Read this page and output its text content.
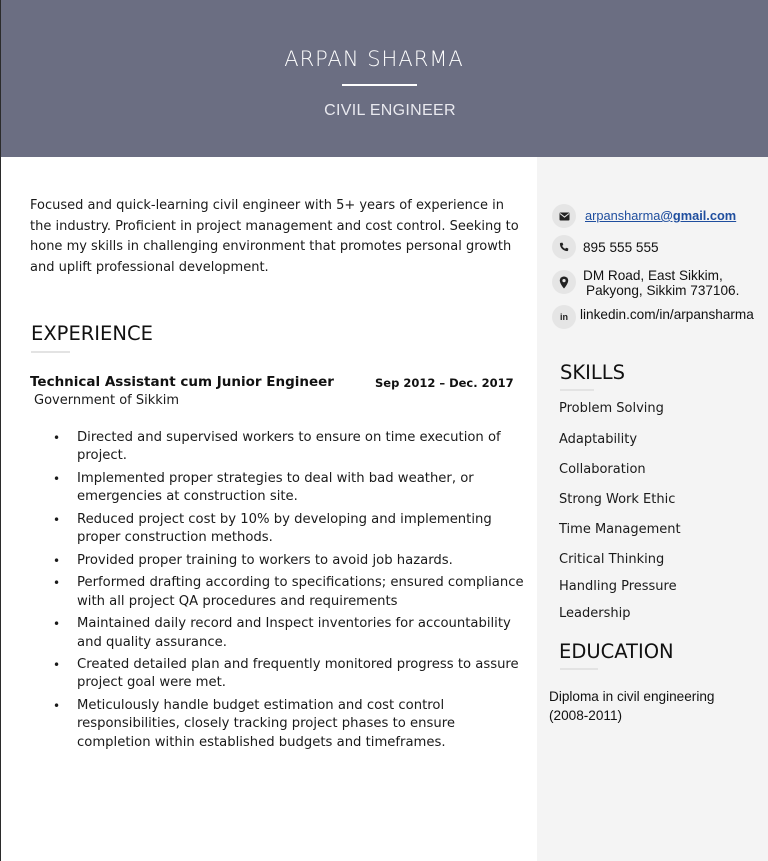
ARPAN SHARMA
CIVIL ENGINEER

Focused and quick-learning civil engineer with 5+ years of experience in the industry. Proficient in project management and cost control. Seeking to hone my skills in challenging environment that promotes personal growth and uplift professional development.

EXPERIENCE
Technical Assistant cum Junior Engineer	Sep 2012 – Dec. 2017
Government of Sikkim
• Directed and supervised workers to ensure on time execution of project.
• Implemented proper strategies to deal with bad weather, or emergencies at construction site.
• Reduced project cost by 10% by developing and implementing proper construction methods.
• Provided proper training to workers to avoid job hazards.
• Performed drafting according to specifications; ensured compliance with all project QA procedures and requirements
• Maintained daily record and Inspect inventories for accountability and quality assurance.
• Created detailed plan and frequently monitored progress to assure project goal were met.
• Meticulously handle budget estimation and cost control responsibilities, closely tracking project phases to ensure completion within established budgets and timeframes.
arpansharma@gmail.com
895 555 555
DM Road, East Sikkim,
Pakyong, Sikkim 737106.
in linkedin.com/in/arpansharma
SKILLS
Problem Solving
Adaptability
Collaboration
Strong Work Ethic
Time Management
Critical Thinking
Handling Pressure
Leadership
EDUCATION
Diploma in civil engineering
(2008-2011)
